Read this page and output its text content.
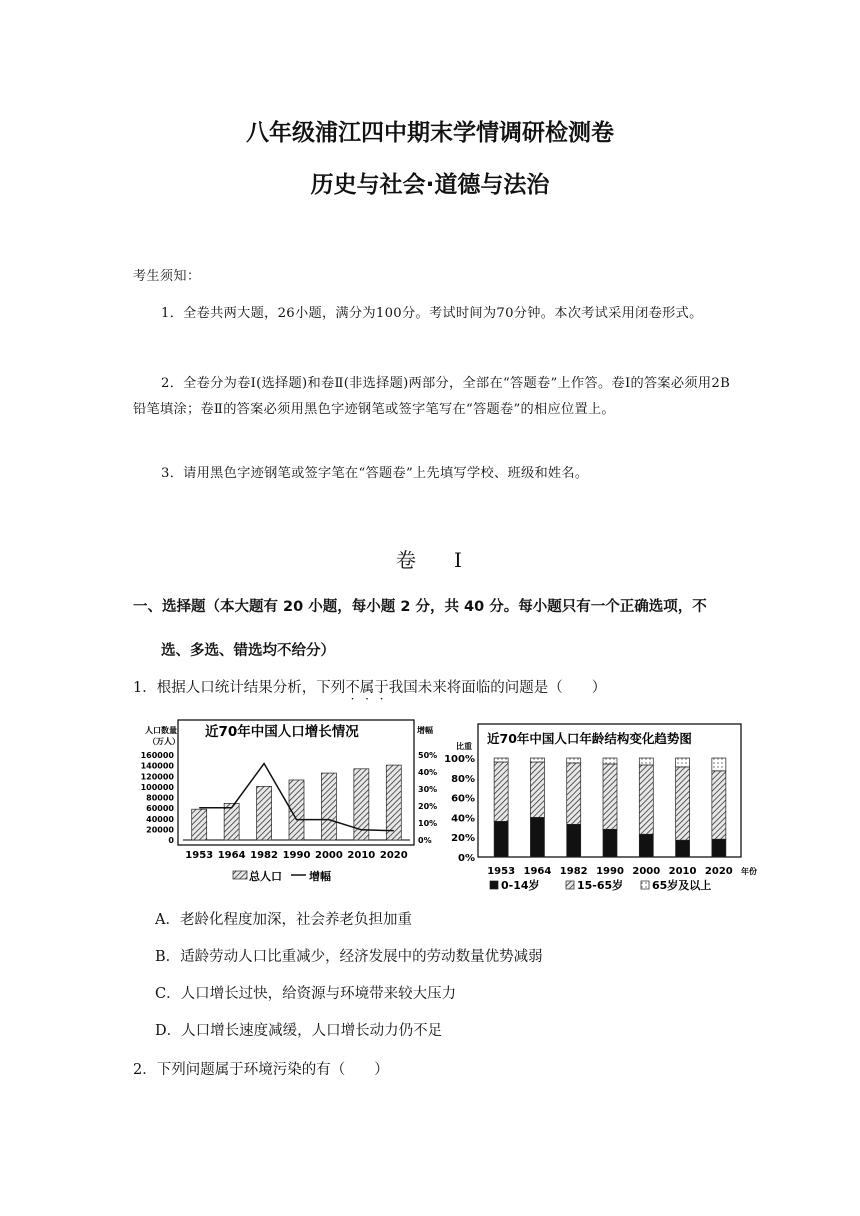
八年级浦江四中期末学情调研检测卷
历史与社会·道德与法治
考生须知：
1．全卷共两大题，26小题，满分为100分。考试时间为70分钟。本次考试采用闭卷形式。
2．全卷分为卷Ⅰ(选择题)和卷Ⅱ(非选择题)两部分，全部在“答题卷”上作答。卷Ⅰ的答案必须用2B铅笔填涂；卷Ⅱ的答案必须用黑色字迹钢笔或签字笔写在“答题卷”的相应位置上。
3．请用黑色字迹钢笔或签字笔在“答题卷”上先填写学校、班级和姓名。
卷 I
一、选择题（本大题有 20 小题，每小题 2 分，共 40 分。每小题只有一个正确选项，不
选、多选、错选均不给分）
1．根据人口统计结果分析，下列不属于我国未来将面临的问题是（　　）
近70年中国人口增长情况
人口数量
（万人）
增幅
160000
140000
120000
100000
80000
60000
40000
20000
0
50%
40%
30%
20%
10%
0%
1953 1964 1982 1990 2000 2010 2020
总人口 增幅
近70年中国人口年龄结构变化趋势图
比重
100%
80%
60%
40%
20%
0%
1953 1964 1982 1990 2000 2010 2020 年份
0-14岁	15-65岁	65岁及以上
A．老龄化程度加深，社会养老负担加重
B．适龄劳动人口比重减少，经济发展中的劳动数量优势减弱
C．人口增长过快，给资源与环境带来较大压力
D．人口增长速度减缓，人口增长动力仍不足
2．下列问题属于环境污染的有（　　）
